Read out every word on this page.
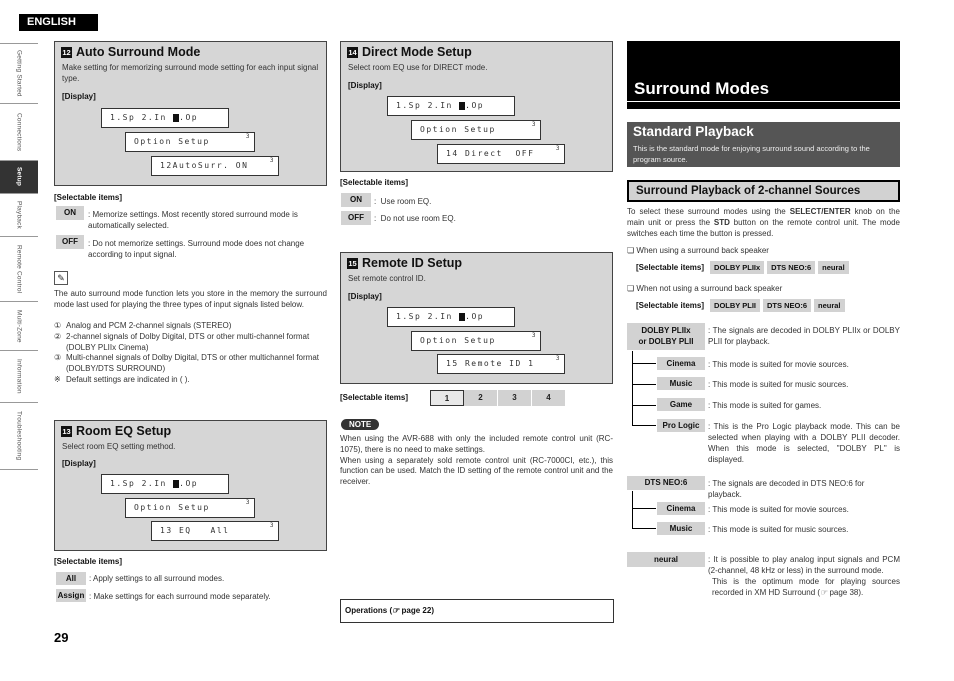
ENGLISH
Getting Started
Connections
Setup
Playback
Remote Control
Multi-Zone
Information
Troubleshooting
29
12 Auto Surround Mode
Make setting for memorizing surround mode setting for each input signal type.
[Display]
1.Sp 2.In .Op
Option Setup
3
12AutoSurr. ON
3
[Selectable items]
ON	: Memorize settings. Most recently stored surround mode is automatically selected.
OFF	: Do not memorize settings. Surround mode does not change according to input signal.
✎
The auto surround mode function lets you store in the memory the surround mode last used for playing the three types of input signals listed below.
① Analog and PCM 2-channel signals (STEREO)
② 2-channel signals of Dolby Digital, DTS or other multi-channel format (DOLBY PLIIx Cinema)
③ Multi-channel signals of Dolby Digital, DTS or other multichannel format (DOLBY/DTS SURROUND)
※ Default settings are indicated in ( ).
13 Room EQ Setup
Select room EQ setting method.
[Display]
1.Sp 2.In .Op
Option Setup
3
13 EQ   All
3
[Selectable items]
All	: Apply settings to all surround modes.
Assign : Make settings for each surround mode separately.
14 Direct Mode Setup
Select room EQ use for DIRECT mode.
[Display]
1.Sp 2.In .Op
Option Setup
3
14 Direct  OFF
3
[Selectable items]
ON	:  Use room EQ.
OFF	:  Do not use room EQ.
15 Remote ID Setup
Set remote control ID.
[Display]
1.Sp 2.In .Op
Option Setup
3
15 Remote ID 1
3
[Selectable items]	1	2	3	4
NOTE
When using the AVR-688 with only the included remote control unit (RC-1075), there is no need to make settings.
When using a separately sold remote control unit (RC-7000CI, etc.), this function can be used. Match the ID setting of the remote control unit and the receiver.
Operations (☞ page 22)
Surround Modes
Standard Playback
This is the standard mode for enjoying surround sound according to the program source.
Surround Playback of 2-channel Sources
To select these surround modes using the SELECT/ENTER knob on the main unit or press the STD button on the remote control unit. The mode switches each time the button is pressed.
❏ When using a surround back speaker
[Selectable items]	DOLBY PLIIx	DTS NEO:6	neural
❏ When not using a surround back speaker
[Selectable items]	DOLBY PLII	DTS NEO:6	neural
DOLBY PLIIx
or DOLBY PLII
: The signals are decoded in DOLBY PLIIx or DOLBY PLII for playback.
Cinema	: This mode is suited for movie sources.
Music	: This mode is suited for music sources.
Game	: This mode is suited for games.
Pro Logic	: This is the Pro Logic playback mode. This can be selected when playing with a DOLBY PLII decoder. When this mode is selected, "DOLBY PL" is displayed.
DTS NEO:6	: The signals are decoded in DTS NEO:6 for playback.
Cinema	: This mode is suited for movie sources.
Music	: This mode is suited for music sources.
neural	: It is possible to play analog input signals and PCM (2-channel, 48 kHz or less) in the surround mode.
This is the optimum mode for playing sources recorded in XM HD Surround (☞ page 38).
